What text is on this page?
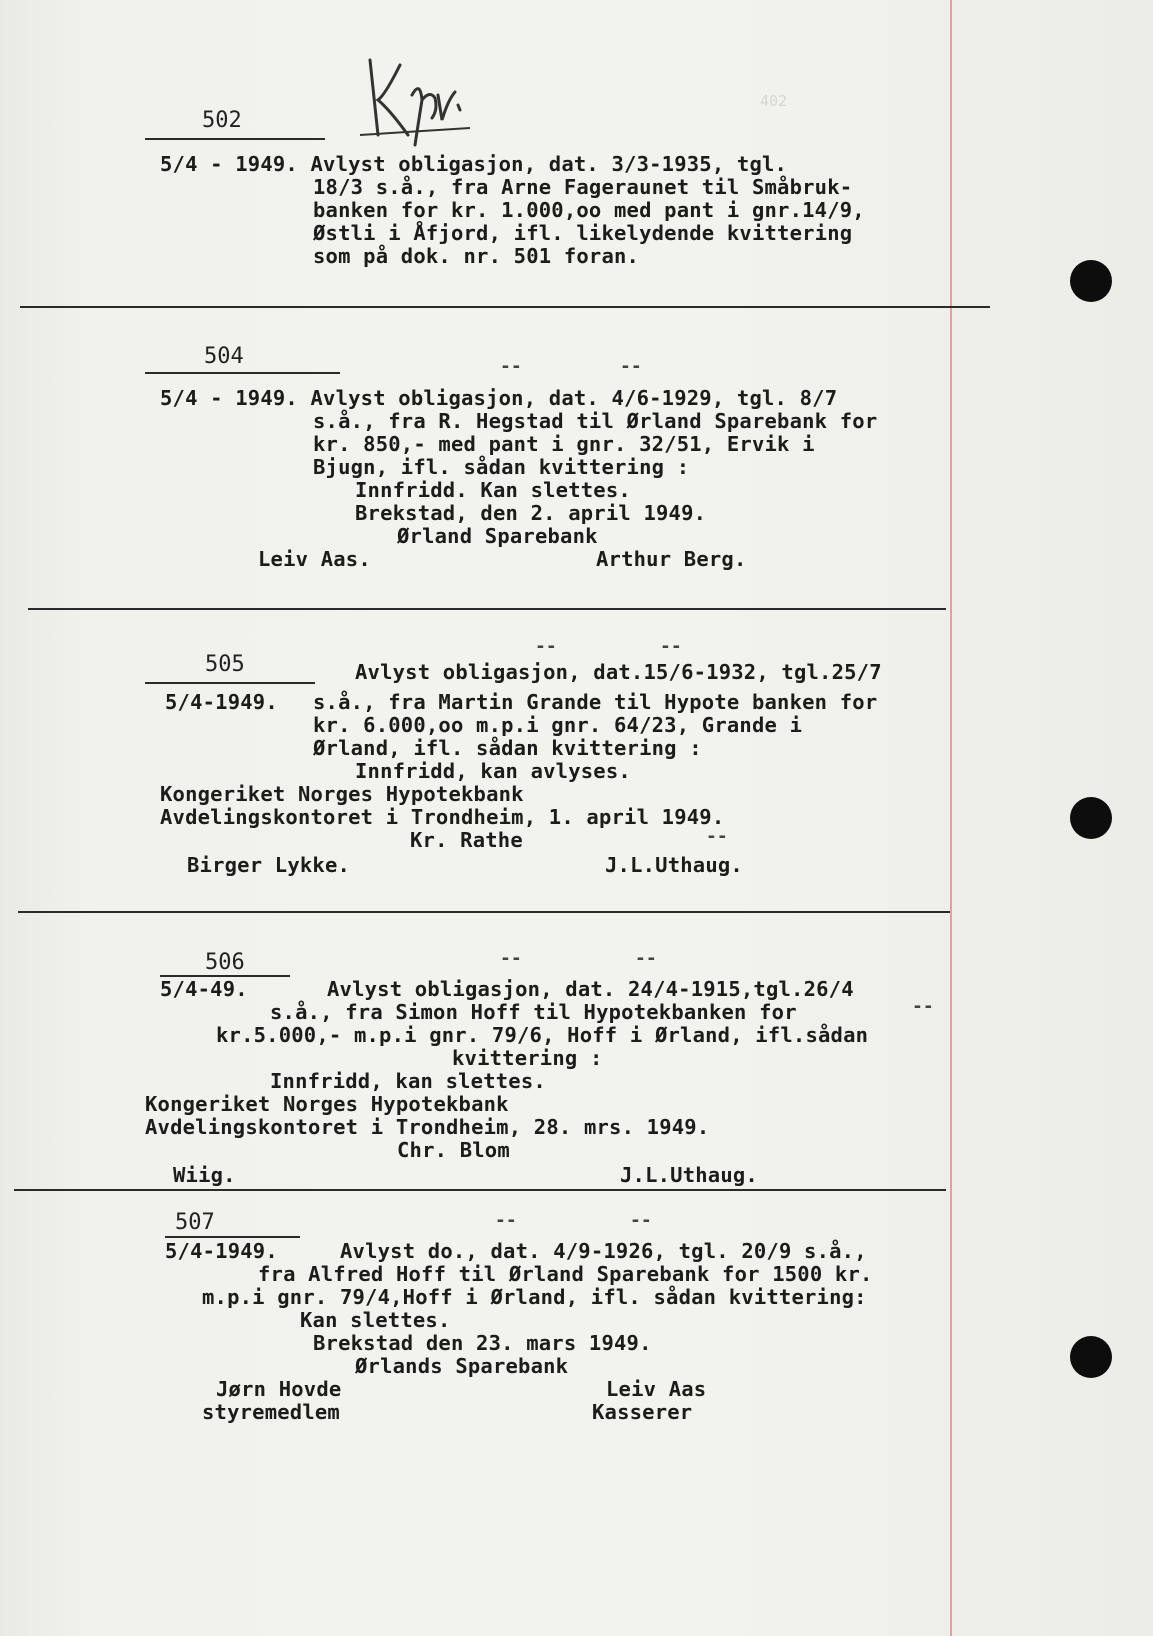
402

502
5/4 - 1949. Avlyst obligasjon, dat. 3/3-1935, tgl.
18/3 s.å., fra Arne Fageraunet til Småbruk-
banken for kr. 1.000,oo med pant i gnr.14/9,
Østli i Åfjord, ifl. likelydende kvittering
som på dok. nr. 501 foran.
504	--	--
5/4 - 1949. Avlyst obligasjon, dat. 4/6-1929, tgl. 8/7
s.å., fra R. Hegstad til Ørland Sparebank for
kr. 850,- med pant i gnr. 32/51, Ervik i
Bjugn, ifl. sådan kvittering :
Innfridd. Kan slettes.
Brekstad, den 2. april 1949.
Ørland Sparebank
Leiv Aas.	Arthur Berg.
--	--
505	Avlyst obligasjon, dat.15/6-1932, tgl.25/7
5/4-1949. s.å., fra Martin Grande til Hypote banken for
kr. 6.000,oo m.p.i gnr. 64/23, Grande i
Ørland, ifl. sådan kvittering :
Innfridd, kan avlyses.
Kongeriket Norges Hypotekbank
Avdelingskontoret i Trondheim, 1. april 1949.
Kr. Rathe	--
Birger Lykke.	J.L.Uthaug.
506	--	--
5/4-49.	Avlyst obligasjon, dat. 24/4-1915,tgl.26/4
s.å., fra Simon Hoff til Hypotekbanken for	--
kr.5.000,- m.p.i gnr. 79/6, Hoff i Ørland, ifl.sådan
kvittering :
Innfridd, kan slettes.
Kongeriket Norges Hypotekbank
Avdelingskontoret i Trondheim, 28. mrs. 1949.
Chr. Blom
Wiig.	J.L.Uthaug.
507	--	--
5/4-1949.	Avlyst do., dat. 4/9-1926, tgl. 20/9 s.å.,
fra Alfred Hoff til Ørland Sparebank for 1500 kr.
m.p.i gnr. 79/4,Hoff i Ørland, ifl. sådan kvittering:
Kan slettes.
Brekstad den 23. mars 1949.
Ørlands Sparebank
Jørn Hovde
styremedlem
Leiv Aas
Kasserer
